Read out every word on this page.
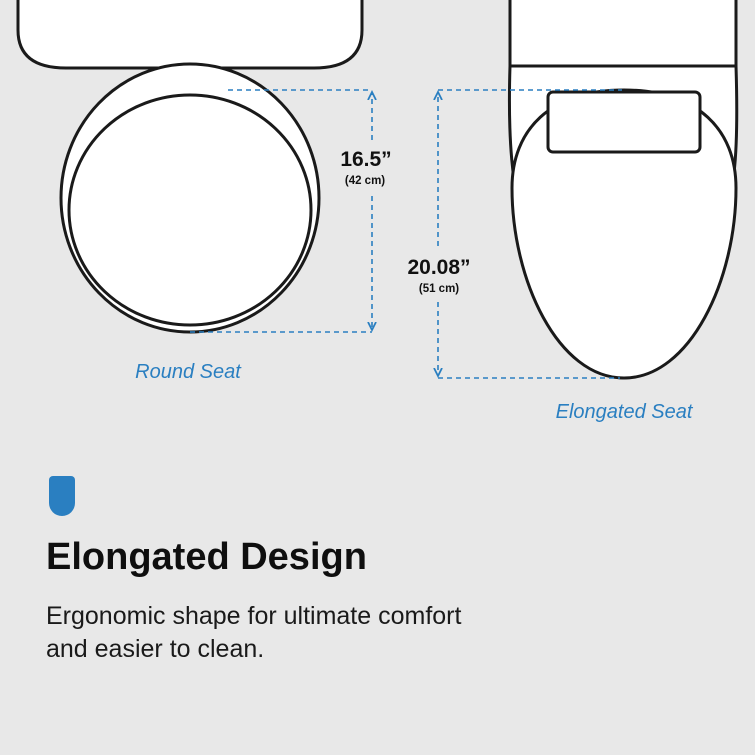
16.5”
(42 cm)
Round Seat
20.08”
(51 cm)
Elongated Seat
Elongated Design

Ergonomic shape for ultimate comfort
and easier to clean.
